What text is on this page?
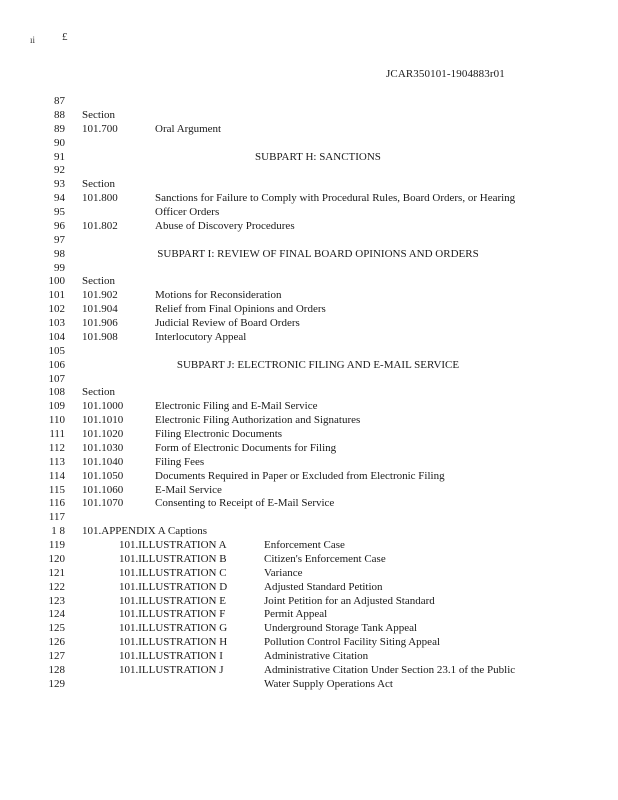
ıi £
JCAR350101-1904883r01
87
88 Section
89 101.700	Oral Argument
90
91	SUBPART H: SANCTIONS
92
93 Section
94 101.800	Sanctions for Failure to Comply with Procedural Rules, Board Orders, or Hearing
95	Officer Orders
96 101.802	Abuse of Discovery Procedures
97
98	SUBPART I: REVIEW OF FINAL BOARD OPINIONS AND ORDERS
99
100 Section
101 101.902	Motions for Reconsideration
102 101.904	Relief from Final Opinions and Orders
103 101.906	Judicial Review of Board Orders
104 101.908	Interlocutory Appeal
105
106	SUBPART J: ELECTRONIC FILING AND E-MAIL SERVICE
107
108 Section
109 101.1000	Electronic Filing and E-Mail Service
110 101.1010	Electronic Filing Authorization and Signatures
111 101.1020	Filing Electronic Documents
112 101.1030	Form of Electronic Documents for Filing
113 101.1040	Filing Fees
114 101.1050	Documents Required in Paper or Excluded from Electronic Filing
115 101.1060	E-Mail Service
116 101.1070	Consenting to Receipt of E-Mail Service
117
1 8 101.APPENDIX A Captions
119	101.ILLUSTRATION A	Enforcement Case
120	101.ILLUSTRATION B	Citizen's Enforcement Case
121	101.ILLUSTRATION C	Variance
122	101.ILLUSTRATION D	Adjusted Standard Petition
123	101.ILLUSTRATION E	Joint Petition for an Adjusted Standard
124	101.ILLUSTRATION F	Permit Appeal
125	101.ILLUSTRATION G	Underground Storage Tank Appeal
126	101.ILLUSTRATION H	Pollution Control Facility Siting Appeal
127	101.ILLUSTRATION I	Administrative Citation
128	101.ILLUSTRATION J	Administrative Citation Under Section 23.1 of the Public
129	Water Supply Operations Act
